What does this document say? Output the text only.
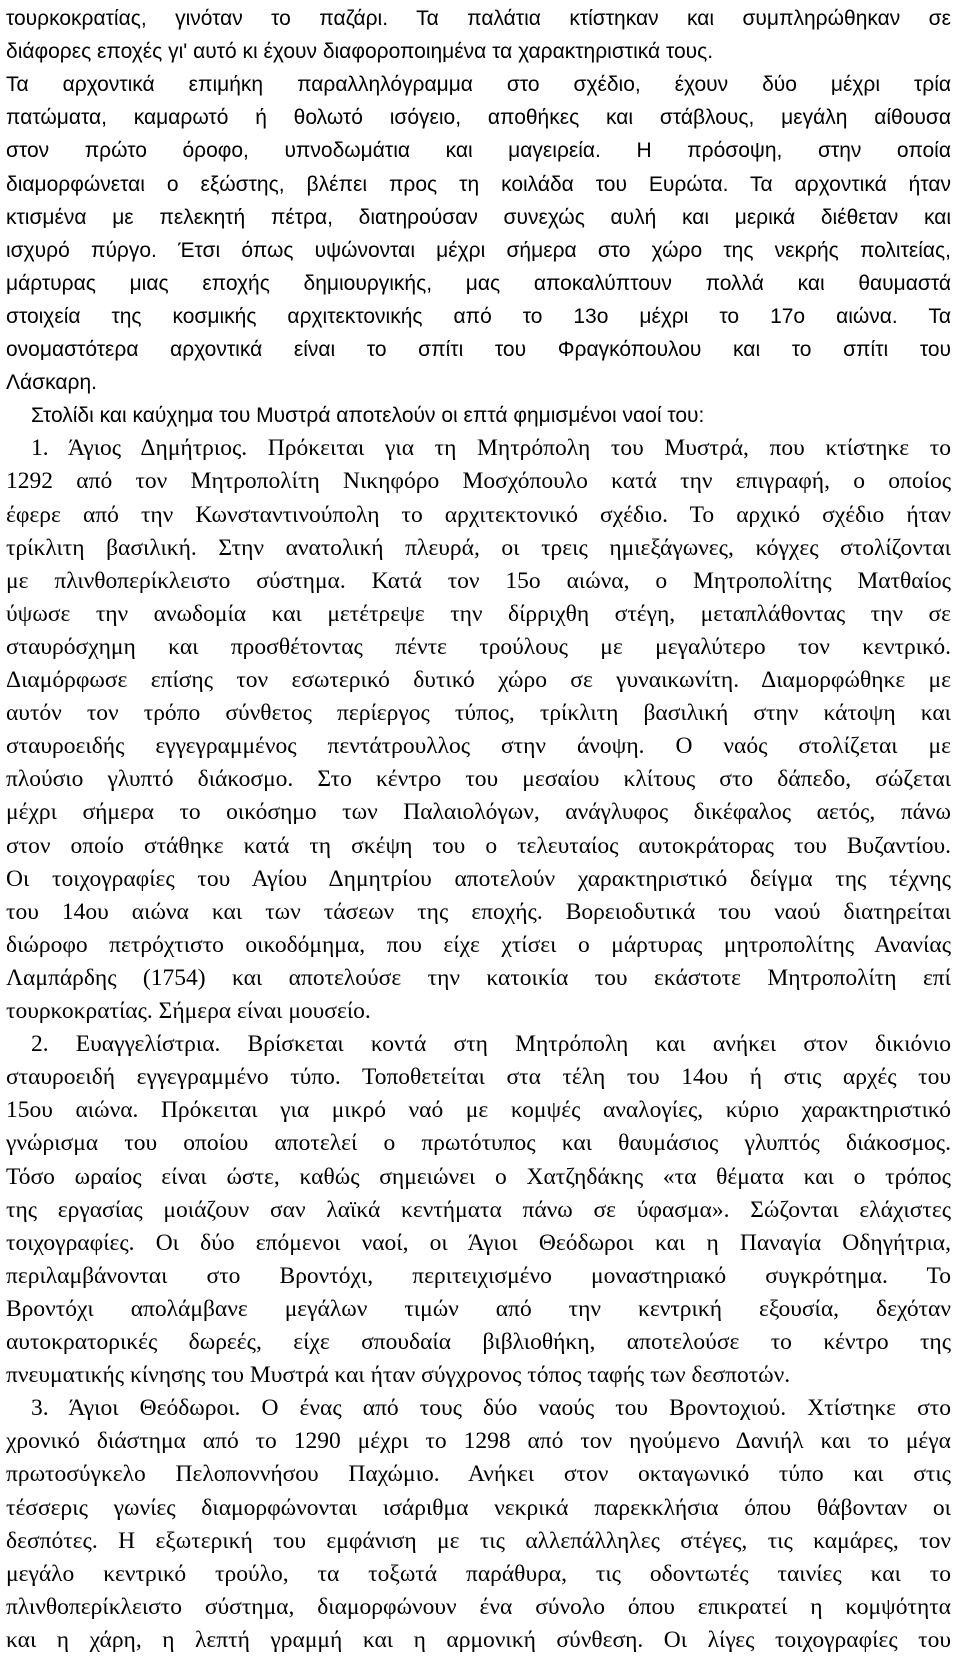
τουρκοκρατίας, γινόταν το παζάρι. Τα παλάτια κτίστηκαν και συμπληρώθηκαν σε
διάφορες εποχές γι' αυτό κι έχουν διαφοροποιημένα τα χαρακτηριστικά τους.
Τα αρχοντικά επιμήκη παραλληλόγραμμα στο σχέδιο, έχουν δύο μέχρι τρία
πατώματα, καμαρωτό ή θολωτό ισόγειο, αποθήκες και στάβλους, μεγάλη αίθουσα
στον πρώτο όροφο, υπνοδωμάτια και μαγειρεία. Η πρόσοψη, στην οποία
διαμορφώνεται ο εξώστης, βλέπει προς τη κοιλάδα του Ευρώτα. Τα αρχοντικά ήταν
κτισμένα με πελεκητή πέτρα, διατηρούσαν συνεχώς αυλή και μερικά διέθεταν και
ισχυρό πύργο. Έτσι όπως υψώνονται μέχρι σήμερα στο χώρο της νεκρής πολιτείας,
μάρτυρας μιας εποχής δημιουργικής, μας αποκαλύπτουν πολλά και θαυμαστά
στοιχεία της κοσμικής αρχιτεκτονικής από το 13ο μέχρι το 17ο αιώνα. Τα
ονομαστότερα αρχοντικά είναι το σπίτι του Φραγκόπουλου και το σπίτι του
Λάσκαρη.
Στολίδι και καύχημα του Μυστρά αποτελούν οι επτά φημισμένοι ναοί του:
1. Άγιος Δημήτριος. Πρόκειται για τη Μητρόπολη του Μυστρά, που κτίστηκε το
1292 από τον Μητροπολίτη Νικηφόρο Μοσχόπουλο κατά την επιγραφή, ο οποίος
έφερε από την Κωνσταντινούπολη το αρχιτεκτονικό σχέδιο. Το αρχικό σχέδιο ήταν
τρίκλιτη βασιλική. Στην ανατολική πλευρά, οι τρεις ημιεξάγωνες, κόγχες στολίζονται
με πλινθοπερίκλειστο σύστημα. Κατά τον 15ο αιώνα, ο Μητροπολίτης Ματθαίος
ύψωσε την ανωδομία και μετέτρεψε την δίρριχθη στέγη, μεταπλάθοντας την σε
σταυρόσχημη και προσθέτοντας πέντε τρούλους με μεγαλύτερο τον κεντρικό.
Διαμόρφωσε επίσης τον εσωτερικό δυτικό χώρο σε γυναικωνίτη. Διαμορφώθηκε με
αυτόν τον τρόπο σύνθετος περίεργος τύπος, τρίκλιτη βασιλική στην κάτοψη και
σταυροειδής εγγεγραμμένος πεντάτρουλλος στην άνοψη. Ο ναός στολίζεται με
πλούσιο γλυπτό διάκοσμο. Στο κέντρο του μεσαίου κλίτους στο δάπεδο, σώζεται
μέχρι σήμερα το οικόσημο των Παλαιολόγων, ανάγλυφος δικέφαλος αετός, πάνω
στον οποίο στάθηκε κατά τη σκέψη του ο τελευταίος αυτοκράτορας του Βυζαντίου.
Οι τοιχογραφίες του Αγίου Δημητρίου αποτελούν χαρακτηριστικό δείγμα της τέχνης
του 14ου αιώνα και των τάσεων της εποχής. Βορειοδυτικά του ναού διατηρείται
διώροφο πετρόχτιστο οικοδόμημα, που είχε χτίσει ο μάρτυρας μητροπολίτης Ανανίας
Λαμπάρδης (1754) και αποτελούσε την κατοικία του εκάστοτε Μητροπολίτη επί
τουρκοκρατίας. Σήμερα είναι μουσείο.
2. Ευαγγελίστρια. Βρίσκεται κοντά στη Μητρόπολη και ανήκει στον δικιόνιο
σταυροειδή εγγεγραμμένο τύπο. Τοποθετείται στα τέλη του 14ου ή στις αρχές του
15ου αιώνα. Πρόκειται για μικρό ναό με κομψές αναλογίες, κύριο χαρακτηριστικό
γνώρισμα του οποίου αποτελεί ο πρωτότυπος και θαυμάσιος γλυπτός διάκοσμος.
Τόσο ωραίος είναι ώστε, καθώς σημειώνει ο Χατζηδάκης «τα θέματα και ο τρόπος
της εργασίας μοιάζουν σαν λαϊκά κεντήματα πάνω σε ύφασμα». Σώζονται ελάχιστες
τοιχογραφίες. Οι δύο επόμενοι ναοί, οι Άγιοι Θεόδωροι και η Παναγία Οδηγήτρια,
περιλαμβάνονται στο Βροντόχι, περιτειχισμένο μοναστηριακό συγκρότημα. Το
Βροντόχι απολάμβανε μεγάλων τιμών από την κεντρική εξουσία, δεχόταν
αυτοκρατορικές δωρεές, είχε σπουδαία βιβλιοθήκη, αποτελούσε το κέντρο της
πνευματικής κίνησης του Μυστρά και ήταν σύγχρονος τόπος ταφής των δεσποτών.
3. Άγιοι Θεόδωροι. Ο ένας από τους δύο ναούς του Βροντοχιού. Χτίστηκε στο
χρονικό διάστημα από το 1290 μέχρι το 1298 από τον ηγούμενο Δανιήλ και το μέγα
πρωτοσύγκελο Πελοποννήσου Παχώμιο. Ανήκει στον οκταγωνικό τύπο και στις
τέσσερις γωνίες διαμορφώνονται ισάριθμα νεκρικά παρεκκλήσια όπου θάβονταν οι
δεσπότες. Η εξωτερική του εμφάνιση με τις αλλεπάλληλες στέγες, τις καμάρες, τον
μεγάλο κεντρικό τρούλο, τα τοξωτά παράθυρα, τις οδοντωτές ταινίες και το
πλινθοπερίκλειστο σύστημα, διαμορφώνουν ένα σύνολο όπου επικρατεί η κομψότητα
και η χάρη, η λεπτή γραμμή και η αρμονική σύνθεση. Οι λίγες τοιχογραφίες του
